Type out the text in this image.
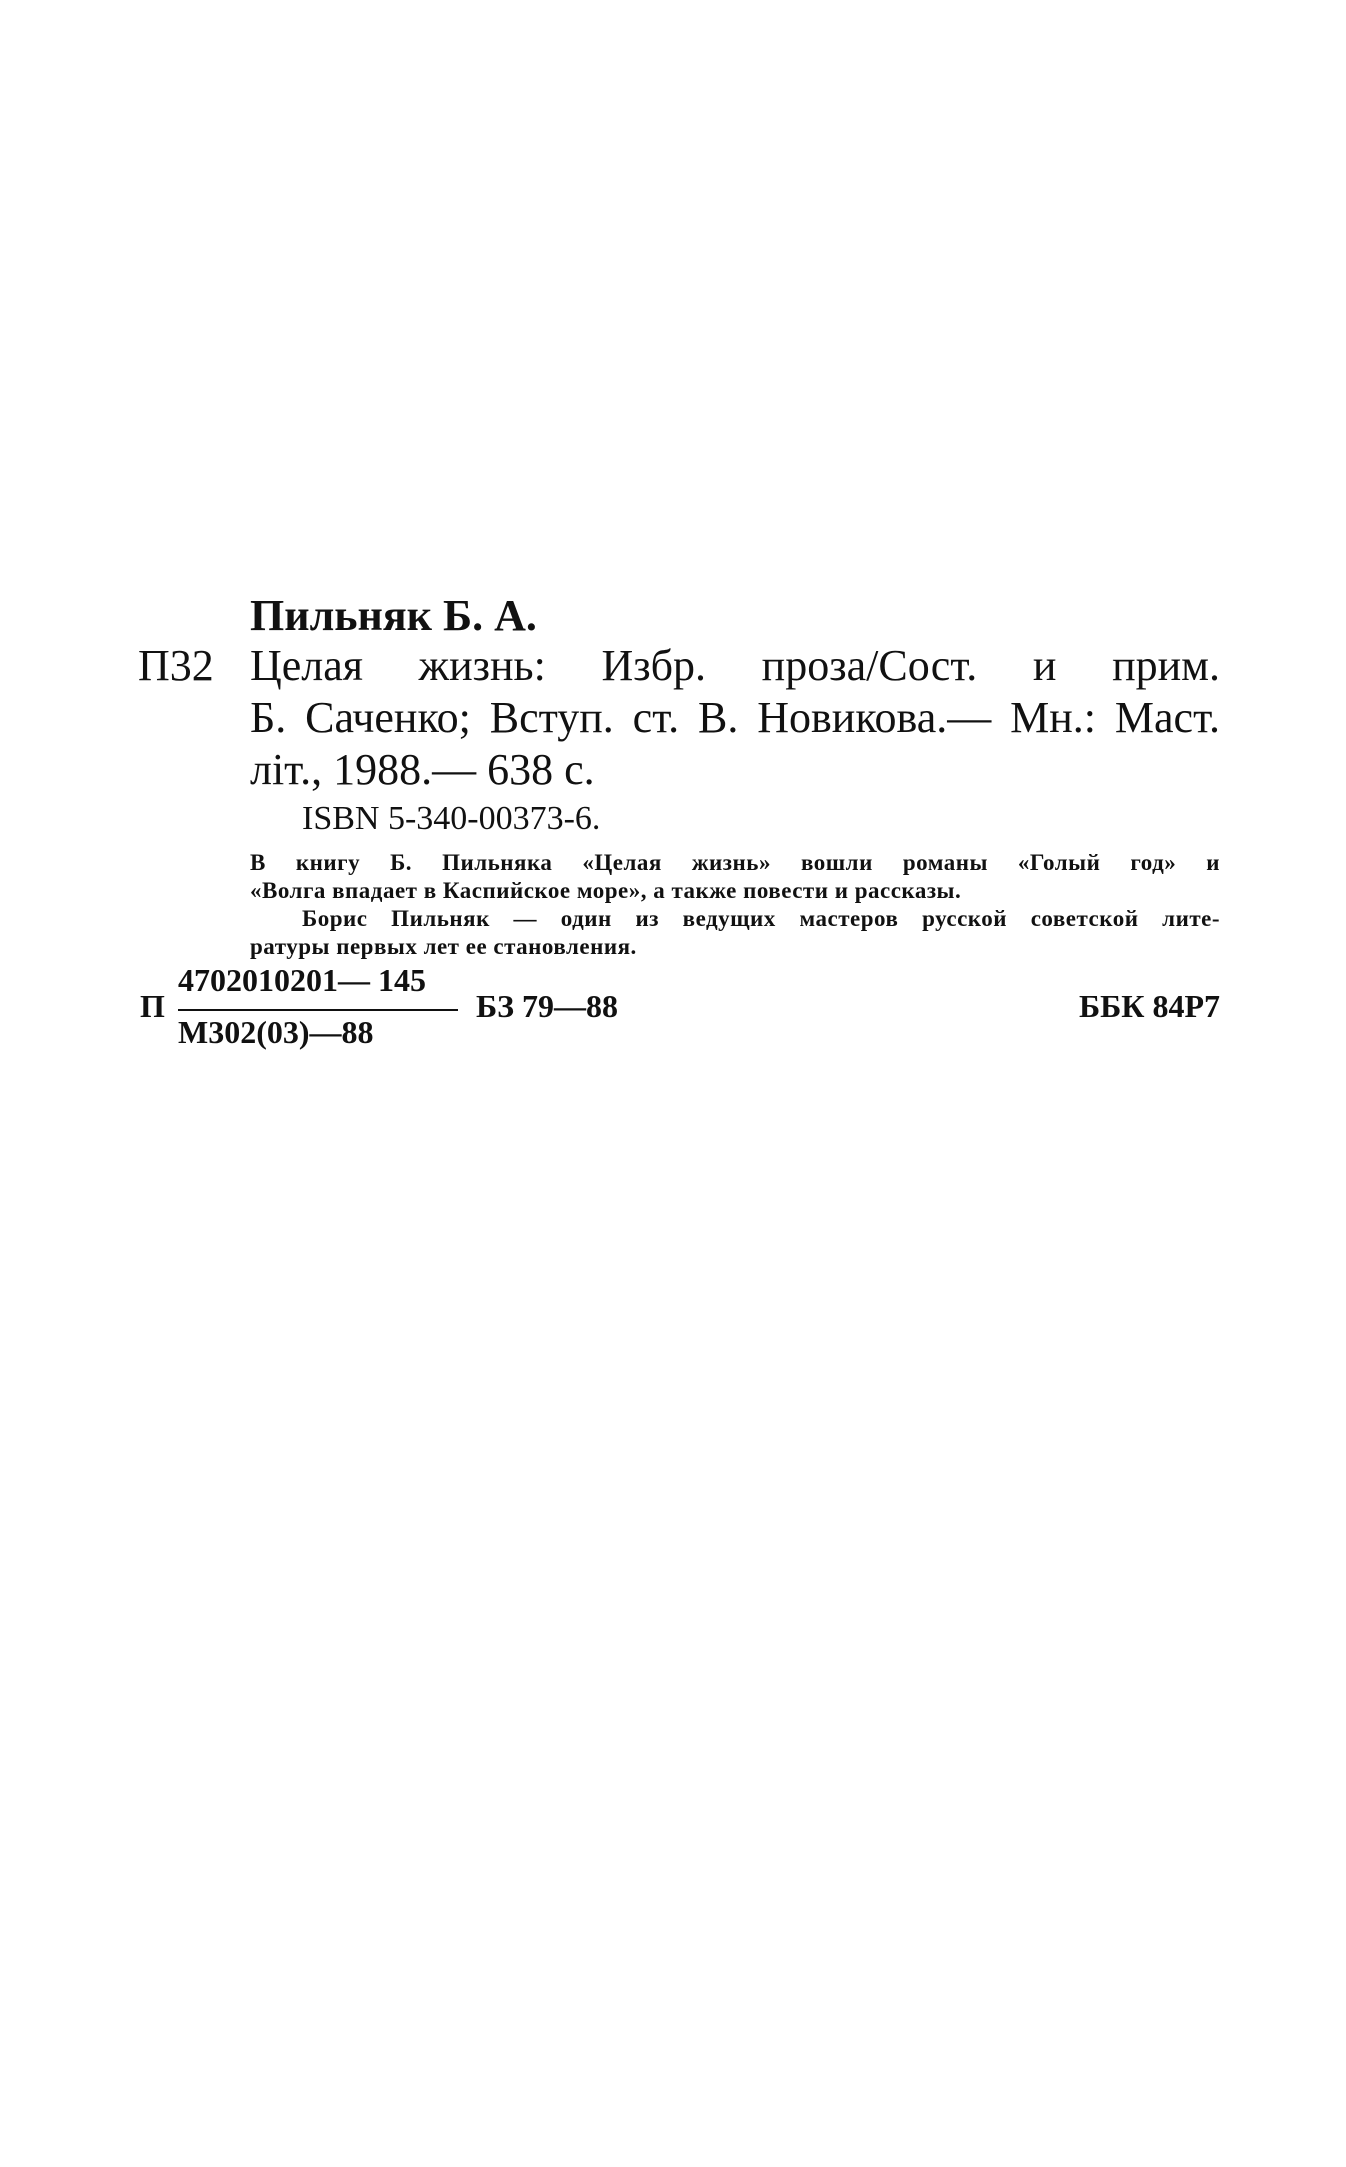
Пильняк Б. А.
П32 Целая жизнь: Избр. проза/Сост. и прим.
Б. Саченко; Вступ. ст. В. Новикова.— Мн.: Маст.
літ., 1988.— 638 с.
ISBN 5-340-00373-6.
В книгу Б. Пильняка «Целая жизнь» вошли романы «Голый год» и
«Волга впадает в Каспийское море», а также повести и рассказы.
Борис Пильняк — один из ведущих мастеров русской советской лите-
ратуры первых лет ее становления.
П
4702010201— 145
М302(03)—88
БЗ 79—88	ББК 84Р7
